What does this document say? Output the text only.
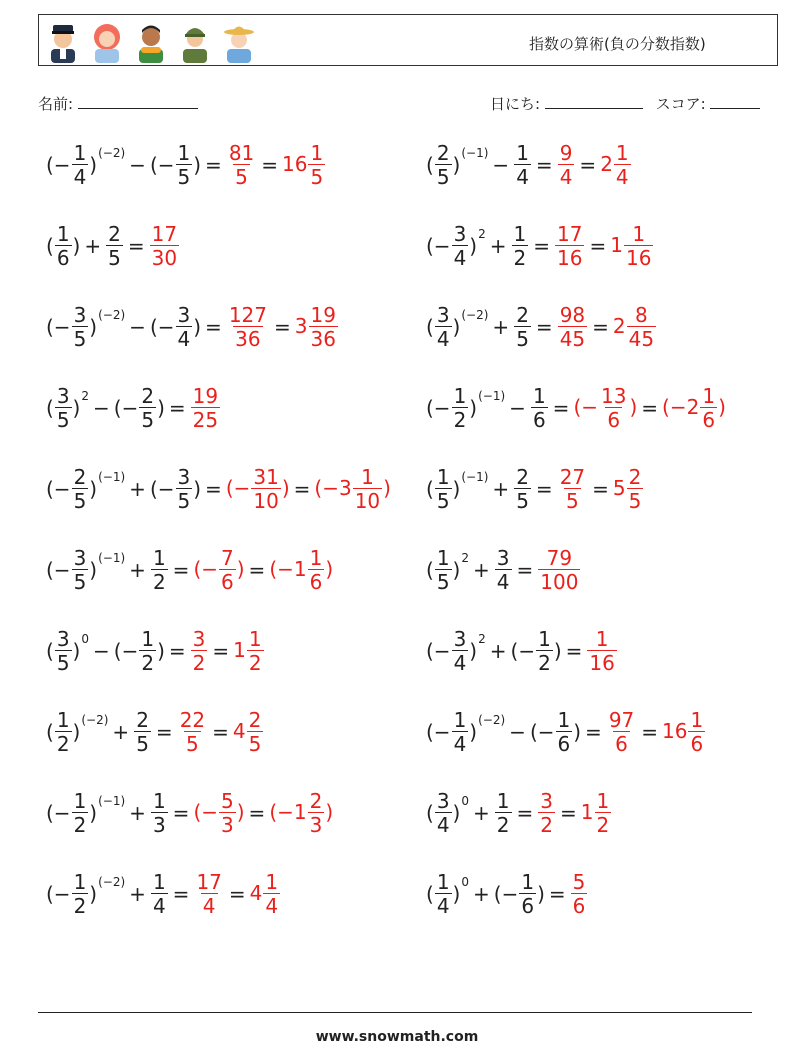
指数の算術(負の分数指数)
名前:	日にち:	スコア:
(− $\frac{1}{4}$ ) (−2) − (− $\frac{1}{5}$ ) = $\frac{81}{5} = 16 \frac{1}{5}$	( $\frac{2}{5}$ ) $(-1) - \frac{1}{4} = \frac{9}{4} = 2 \frac{1}{4}$
( $\frac{1}{6}$ ) + $\frac{2}{5} = \frac{17}{30}$	(− $\frac{3}{4}$ ) $2 + \frac{1}{2} = \frac{17}{16} = 1 \frac{1}{16}$
(− $\frac{3}{5}$ ) (−2) − (− $\frac{3}{4}$ ) = $\frac{127}{36} = 3 \frac{19}{36}$	( $\frac{3}{4}$ ) $(-2) + \frac{2}{5} = \frac{98}{45} = 2 \frac{8}{45}$
( $\frac{3}{5}$ ) 2 − (− $\frac{2}{5}$ ) = $\frac{19}{25}$	(− $\frac{1}{2}$ ) $(-1) - \frac{1}{6}$ = (− $\frac{13}{6}$ ) = ($-2 \frac{1}{6}$ )
(− $\frac{2}{5}$ ) (−1) + (− $\frac{3}{5}$ ) = (− $\frac{31}{10}$ ) = ($-3 \frac{1}{10}$ ) ( $\frac{1}{5}$ ) $(-1) + \frac{2}{5} = \frac{27}{5} = 5 \frac{2}{5}$
(− $\frac{3}{5}$ ) $(-1) + \frac{1}{2}$ = (− $\frac{7}{6}$ ) = ($-1 \frac{1}{6}$ )	( $\frac{1}{5}$ ) $2 + \frac{3}{4} = \frac{79}{100}$
( $\frac{3}{5}$ ) 0 − (− $\frac{1}{2}$ ) = $\frac{3}{2} = 1 \frac{1}{2}$	(− $\frac{3}{4}$ ) 2 + (− $\frac{1}{2}$ ) = $\frac{1}{16}$
( $\frac{1}{2}$ ) $(-2) + \frac{2}{5} = \frac{22}{5} = 4 \frac{2}{5}$	(− $\frac{1}{4}$ ) (−2) − (− $\frac{1}{6}$ ) = $\frac{97}{6} = 16 \frac{1}{6}$
(− $\frac{1}{2}$ ) $(-1) + \frac{1}{3}$ = (− $\frac{5}{3}$ ) = ($-1 \frac{2}{3}$ )	( $\frac{3}{4}$ ) $0 + \frac{1}{2} = \frac{3}{2} = 1 \frac{1}{2}$
(− $\frac{1}{2}$ ) $(-2) + \frac{1}{4} = \frac{17}{4} = 4 \frac{1}{4}$	( $\frac{1}{4}$ ) 0 + (− $\frac{1}{6}$ ) = $\frac{5}{6}$
www.snowmath.com
